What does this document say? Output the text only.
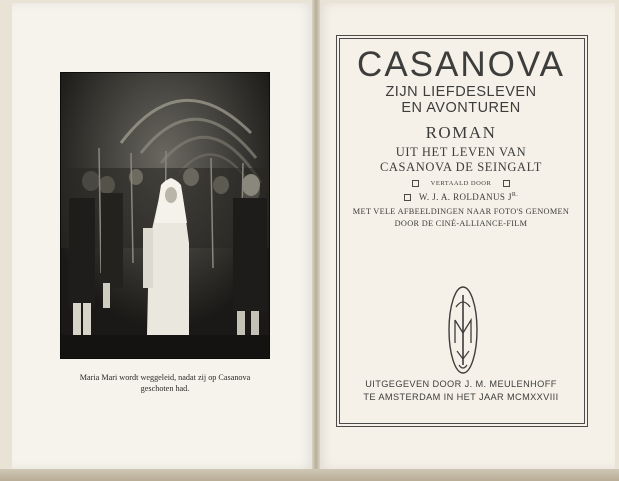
Maria Mari wordt weggeleid, nadat zij op Casanova
geschoten had.
CASANOVA
ZIJN LIEFDESLEVEN
EN AVONTUREN
ROMAN
UIT HET LEVEN VAN
CASANOVA DE SEINGALT
VERTAALD DOOR
W. J. A. ROLDANUS $J^{R.}$
MET VELE AFBEELDINGEN NAAR FOTO'S GENOMEN
DOOR DE CINÉ-ALLIANCE-FILM
UITGEGEVEN DOOR J. M. MEULENHOFF
TE AMSTERDAM IN HET JAAR MCMXXVIII
